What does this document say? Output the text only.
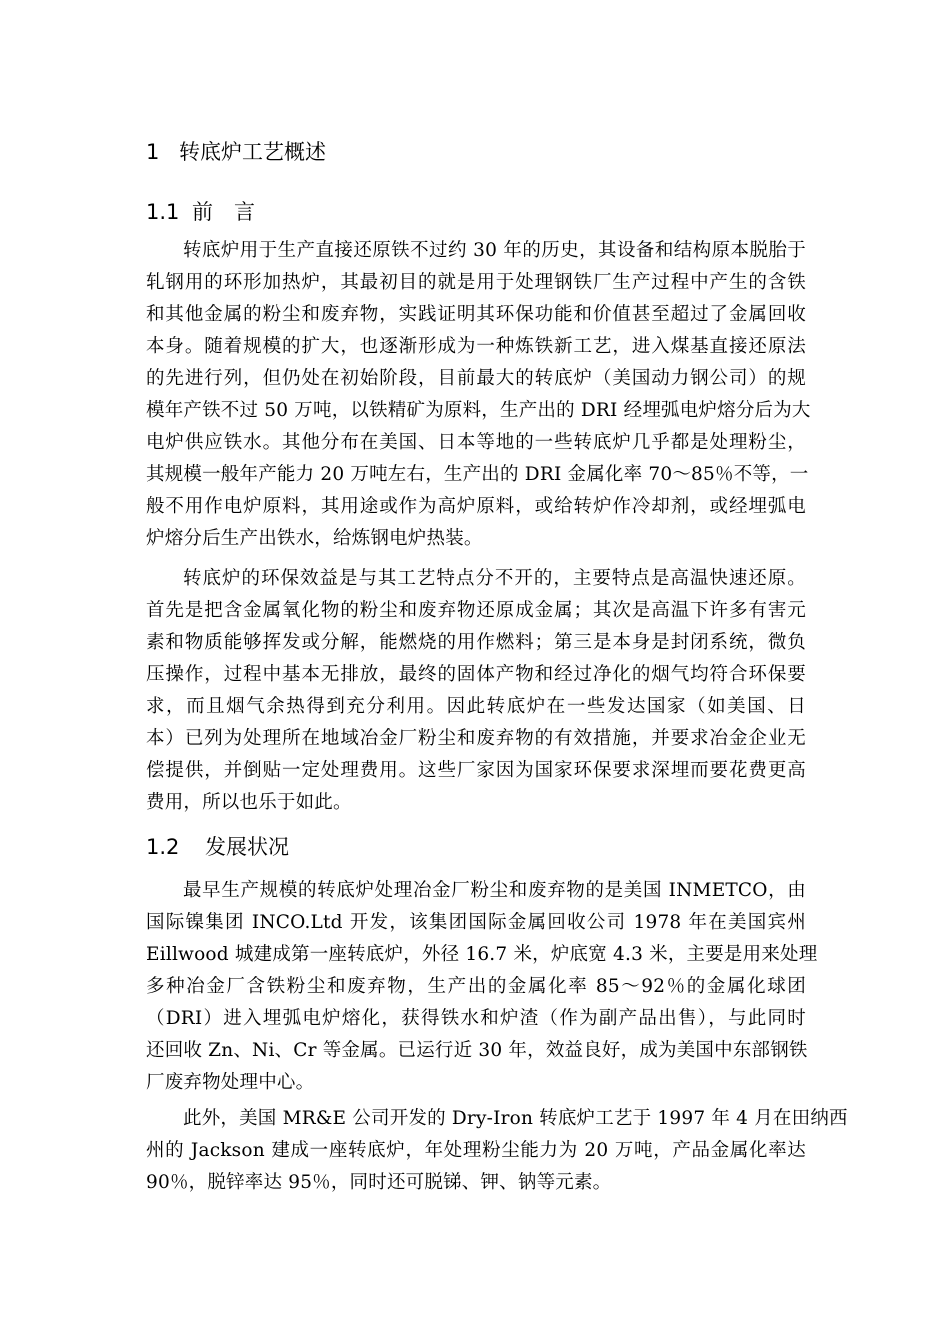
1 转底炉工艺概述
1.1 前　言
转底炉用于生产直接还原铁不过约 30 年的历史，其设备和结构原本脱胎于
轧钢用的环形加热炉，其最初目的就是用于处理钢铁厂生产过程中产生的含铁
和其他金属的粉尘和废弃物，实践证明其环保功能和价值甚至超过了金属回收
本身。随着规模的扩大，也逐渐形成为一种炼铁新工艺，进入煤基直接还原法
的先进行列，但仍处在初始阶段，目前最大的转底炉（美国动力钢公司）的规
模年产铁不过 50 万吨，以铁精矿为原料，生产出的 DRI 经埋弧电炉熔分后为大
电炉供应铁水。其他分布在美国、日本等地的一些转底炉几乎都是处理粉尘，
其规模一般年产能力 20 万吨左右，生产出的 DRI 金属化率 70～85％不等，一
般不用作电炉原料，其用途或作为高炉原料，或给转炉作冷却剂，或经埋弧电
炉熔分后生产出铁水，给炼钢电炉热装。
转底炉的环保效益是与其工艺特点分不开的，主要特点是高温快速还原。
首先是把含金属氧化物的粉尘和废弃物还原成金属；其次是高温下许多有害元
素和物质能够挥发或分解，能燃烧的用作燃料；第三是本身是封闭系统，微负
压操作，过程中基本无排放，最终的固体产物和经过净化的烟气均符合环保要
求，而且烟气余热得到充分利用。因此转底炉在一些发达国家（如美国、日
本）已列为处理所在地域冶金厂粉尘和废弃物的有效措施，并要求冶金企业无
偿提供，并倒贴一定处理费用。这些厂家因为国家环保要求深埋而要花费更高
费用，所以也乐于如此。
1.2 发展状况
最早生产规模的转底炉处理冶金厂粉尘和废弃物的是美国 INMETCO，由
国际镍集团 INCO.Ltd 开发，该集团国际金属回收公司 1978 年在美国宾州
Eillwood 城建成第一座转底炉，外径 16.7 米，炉底宽 4.3 米，主要是用来处理
多种冶金厂含铁粉尘和废弃物，生产出的金属化率 85～92％的金属化球团
（DRI）进入埋弧电炉熔化，获得铁水和炉渣（作为副产品出售），与此同时
还回收 Zn、Ni、Cr 等金属。已运行近 30 年，效益良好，成为美国中东部钢铁
厂废弃物处理中心。
此外，美国 MR&E 公司开发的 Dry-Iron 转底炉工艺于 1997 年 4 月在田纳西
州的 Jackson 建成一座转底炉，年处理粉尘能力为 20 万吨，产品金属化率达
90％，脱锌率达 95％，同时还可脱锑、钾、钠等元素。
